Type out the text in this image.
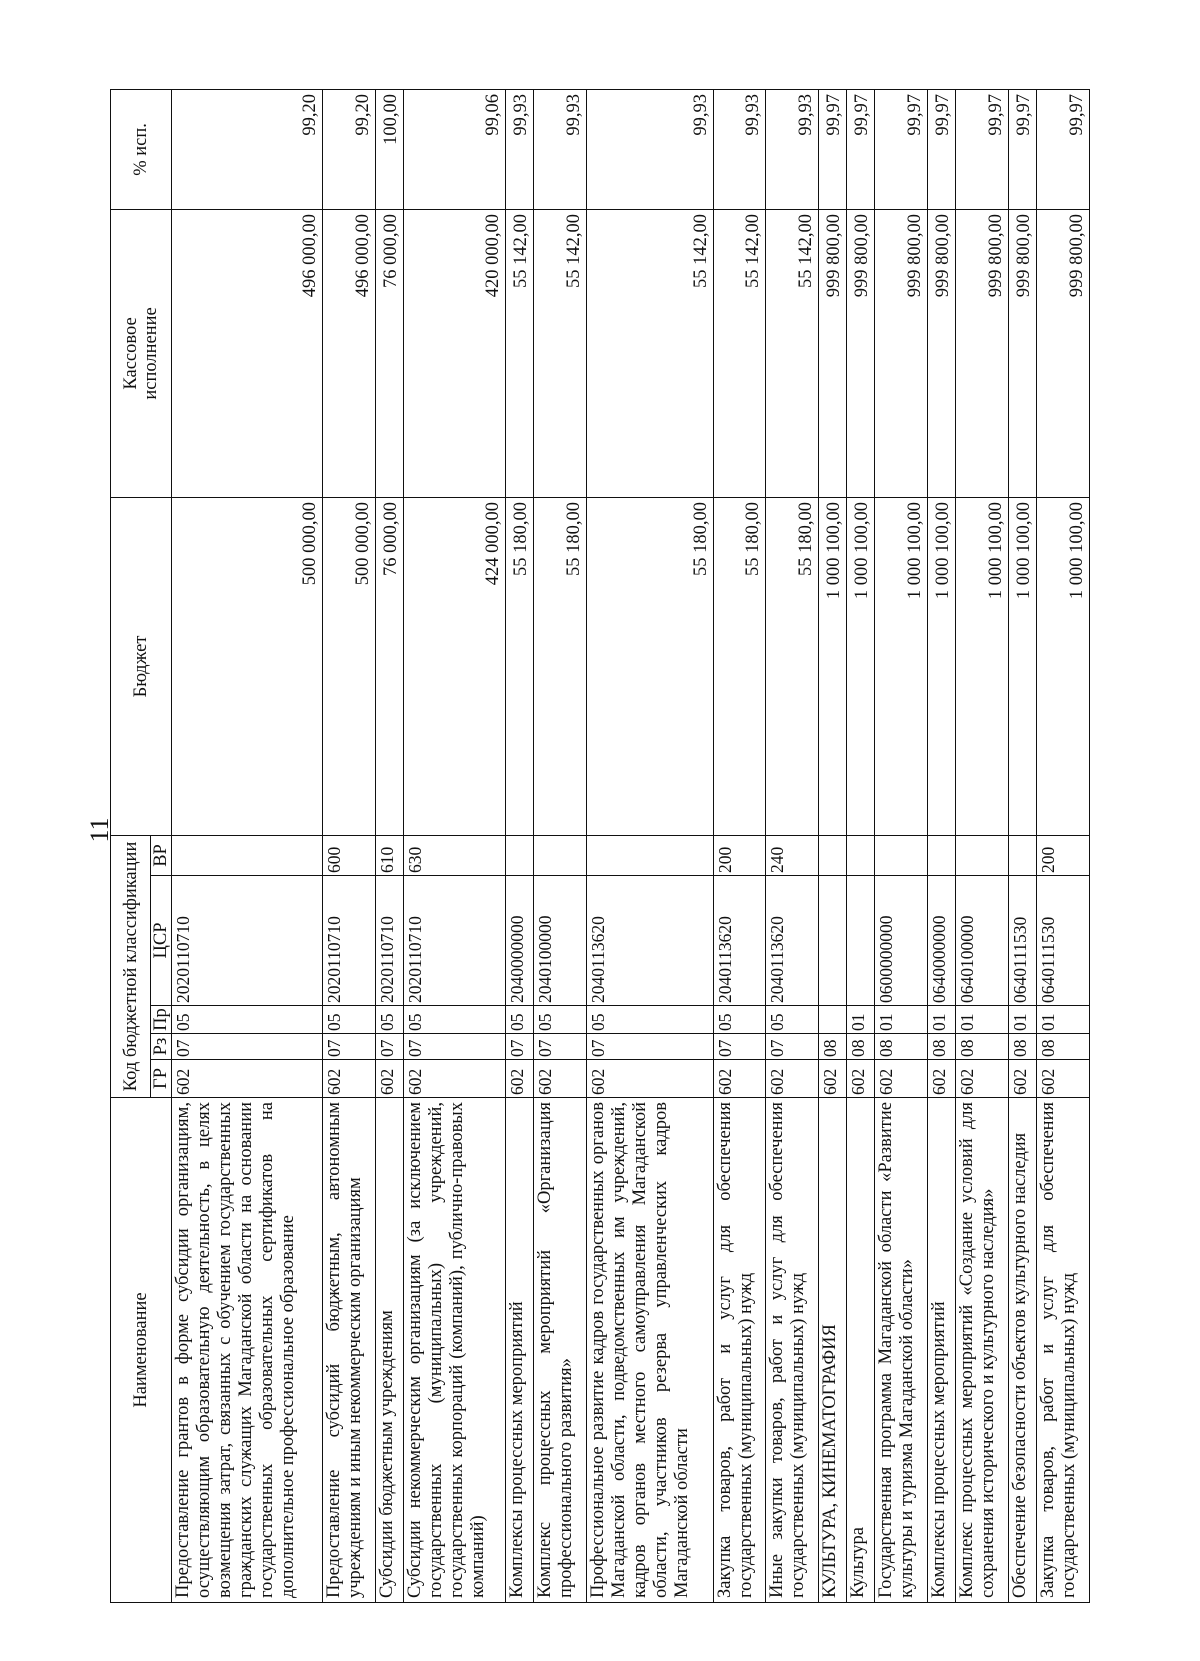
11
Наименование	Код бюджетной классификации					Бюджет	Кассовое исполнение	% исп.
	ГР	Рз	Пр	ЦСР	ВР			
Предоставление грантов в форме субсидии организациям, осуществляющим образовательную деятельность, в целях возмещения затрат, связанных с обучением государственных гражданских служащих Магаданской области на основании государственных образовательных сертификатов на дополнительное профессиональное образование	602	07	05	2020110710		500 000,00	496 000,00	99,20
Предоставление субсидий бюджетным, автономным учреждениям и иным некоммерческим организациям	602	07	05	2020110710	600	500 000,00	496 000,00	99,20
Субсидии бюджетным учреждениям	602	07	05	2020110710	610	76 000,00	76 000,00	100,00
Субсидии некоммерческим организациям (за исключением государственных (муниципальных) учреждений, государственных корпораций (компаний), публично-правовых компаний)	602	07	05	2020110710	630	424 000,00	420 000,00	99,06
Комплексы процессных мероприятий	602	07	05	2040000000		55 180,00	55 142,00	99,93
Комплекс процессных мероприятий «Организация профессионального развития»	602	07	05	2040100000		55 180,00	55 142,00	99,93
Профессиональное развитие кадров государственных органов Магаданской области, подведомственных им учреждений, кадров органов местного самоуправления Магаданской области, участников резерва управленческих кадров Магаданской области	602	07	05	2040113620		55 180,00	55 142,00	99,93
Закупка товаров, работ и услуг для обеспечения государственных (муниципальных) нужд	602	07	05	2040113620	200	55 180,00	55 142,00	99,93
Иные закупки товаров, работ и услуг для обеспечения государственных (муниципальных) нужд	602	07	05	2040113620	240	55 180,00	55 142,00	99,93
КУЛЬТУРА, КИНЕМАТОГРАФИЯ	602	08				1 000 100,00	999 800,00	99,97
Культура	602	08	01			1 000 100,00	999 800,00	99,97
Государственная программа Магаданской области «Развитие культуры и туризма Магаданской области»	602	08	01	0600000000		1 000 100,00	999 800,00	99,97
Комплексы процессных мероприятий	602	08	01	0640000000		1 000 100,00	999 800,00	99,97
Комплекс процессных мероприятий «Создание условий для сохранения исторического и культурного наследия»	602	08	01	0640100000		1 000 100,00	999 800,00	99,97
Обеспечение безопасности объектов культурного наследия	602	08	01	0640111530		1 000 100,00	999 800,00	99,97
Закупка товаров, работ и услуг для обеспечения государственных (муниципальных) нужд	602	08	01	0640111530	200	1 000 100,00	999 800,00	99,97
